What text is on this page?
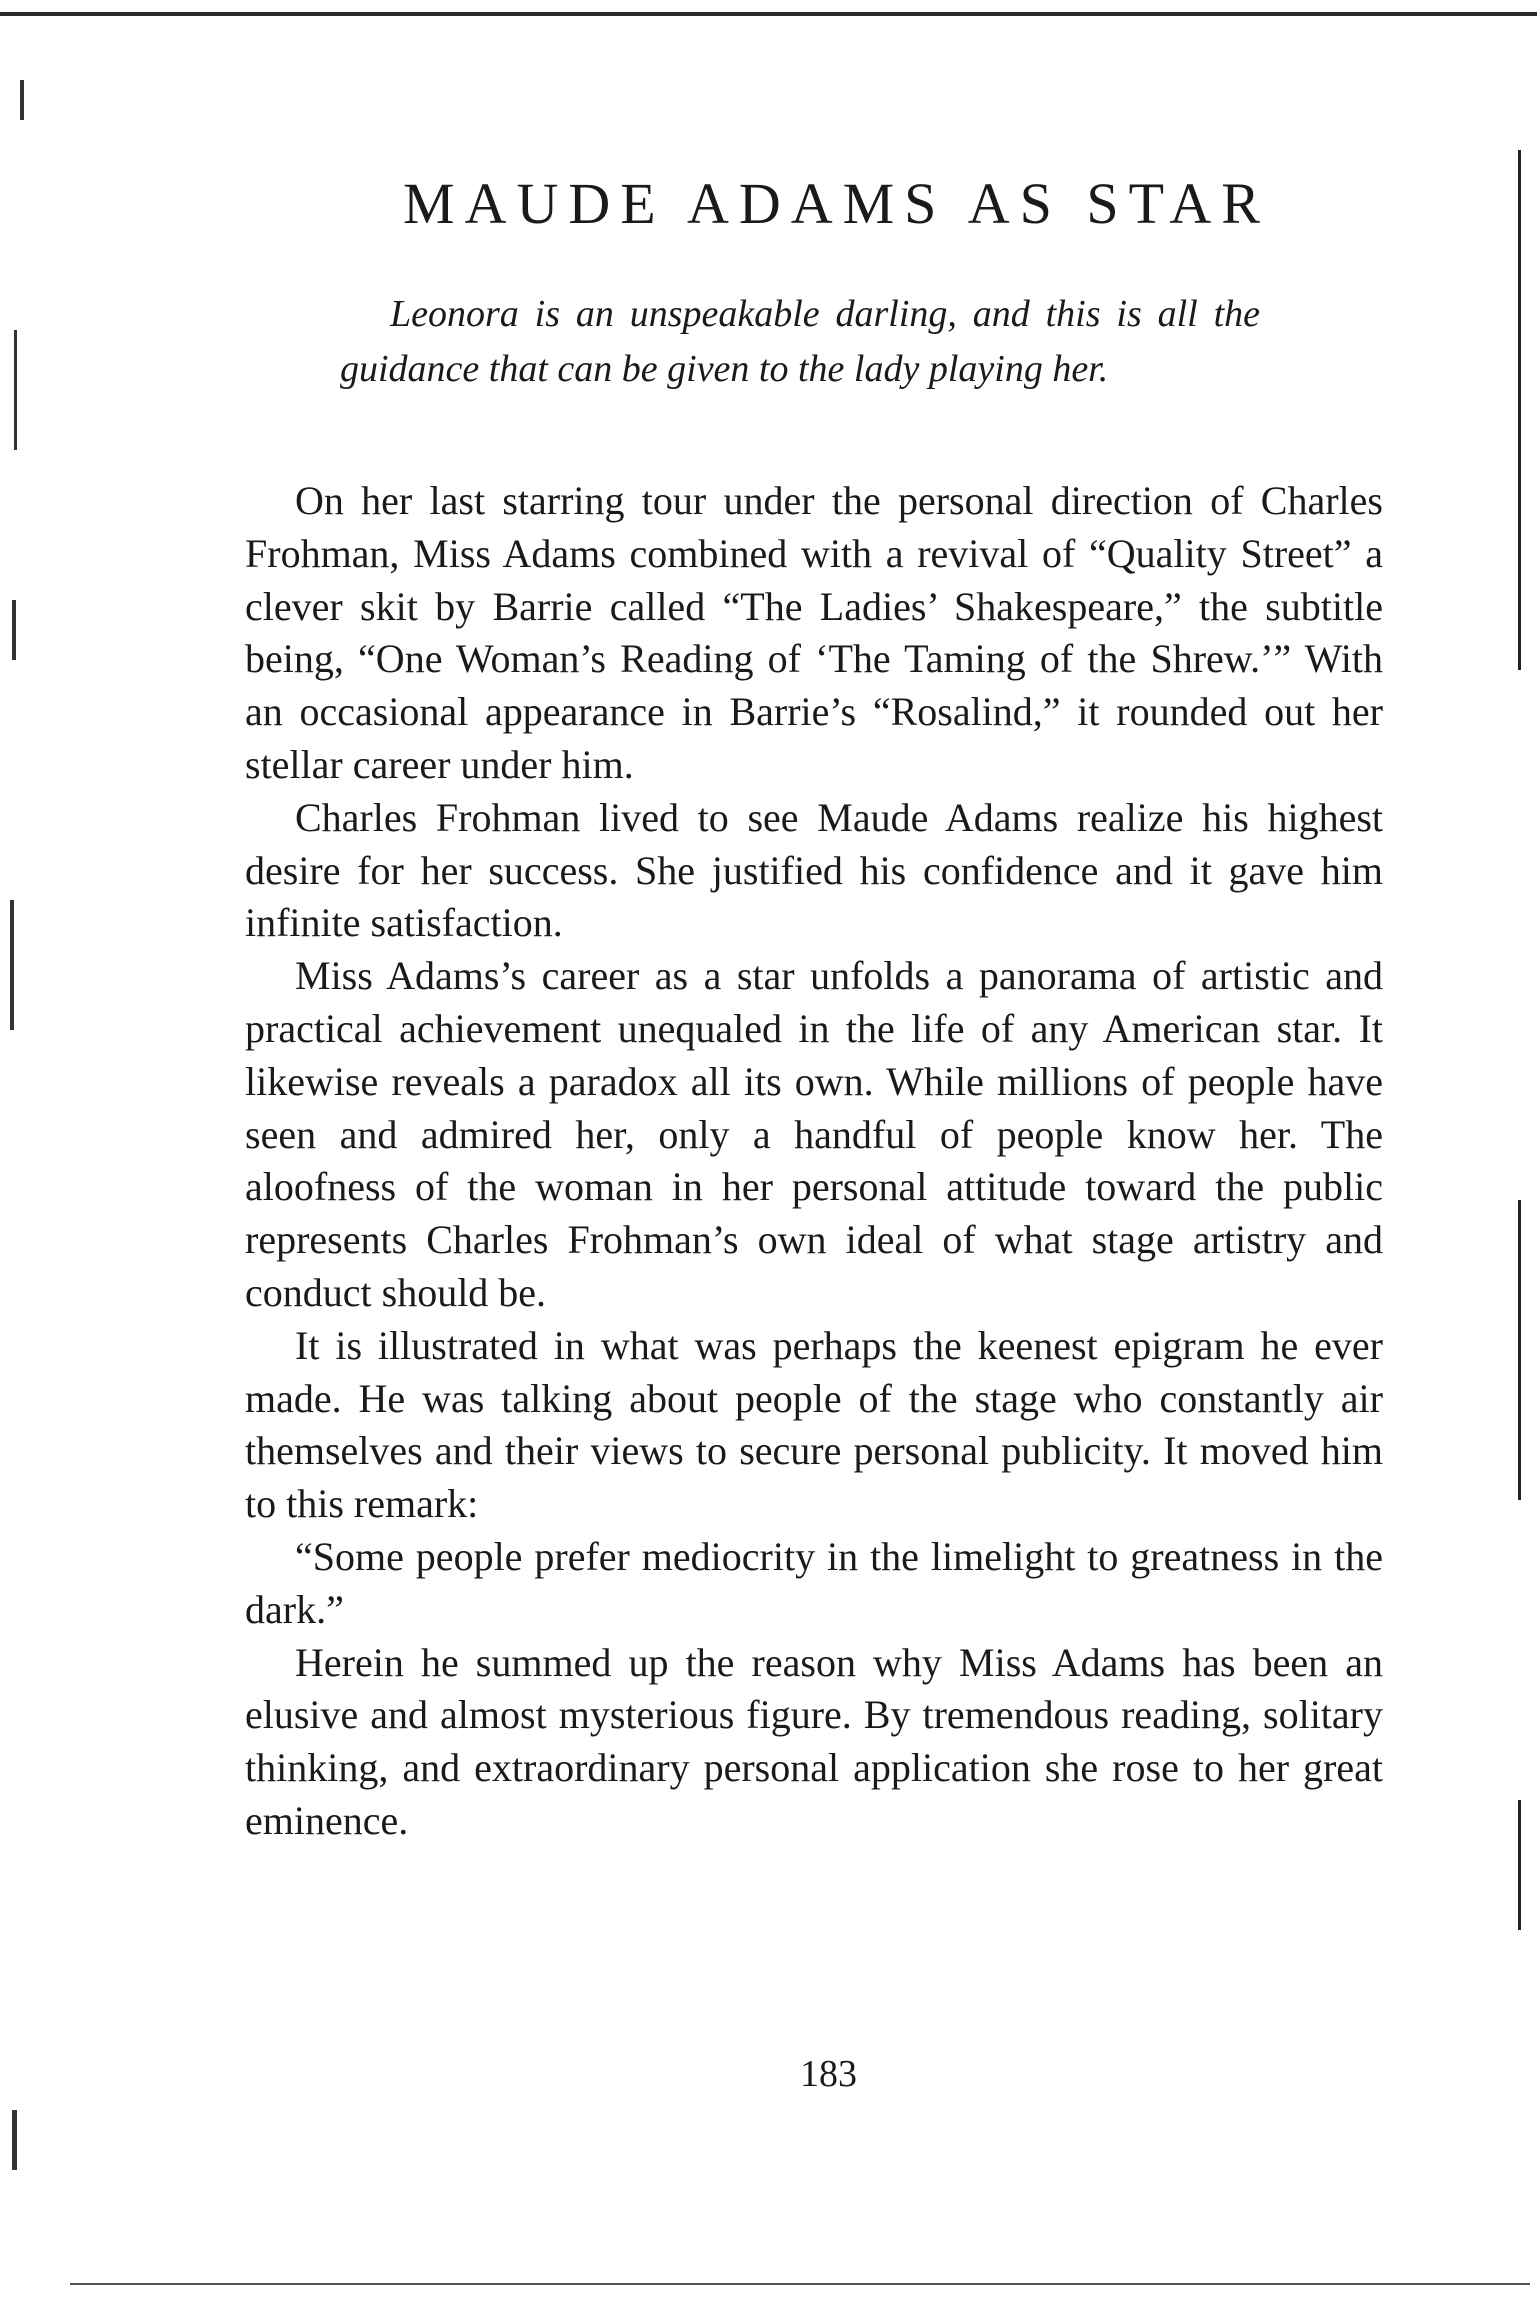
MAUDE ADAMS AS STAR

Leonora is an unspeakable darling, and this is all the guidance that can be given to the lady playing her.

On her last starring tour under the personal direction of Charles Frohman, Miss Adams combined with a revival of “Quality Street” a clever skit by Barrie called “The Ladies’ Shakespeare,” the subtitle being, “One Woman’s Reading of ‘The Taming of the Shrew.’” With an occasional appearance in Barrie’s “Rosalind,” it rounded out her stellar career under him.

Charles Frohman lived to see Maude Adams realize his highest desire for her success. She justified his confidence and it gave him infinite satisfaction.

Miss Adams’s career as a star unfolds a panorama of artistic and practical achievement unequaled in the life of any American star. It likewise reveals a paradox all its own. While millions of people have seen and admired her, only a handful of people know her. The aloofness of the woman in her personal attitude toward the public represents Charles Frohman’s own ideal of what stage artistry and conduct should be.

It is illustrated in what was perhaps the keenest epigram he ever made. He was talking about people of the stage who constantly air themselves and their views to secure personal publicity. It moved him to this remark:

“Some people prefer mediocrity in the limelight to greatness in the dark.”

Herein he summed up the reason why Miss Adams has been an elusive and almost mysterious figure. By tremendous reading, solitary thinking, and extraordinary personal application she rose to her great eminence.

183
